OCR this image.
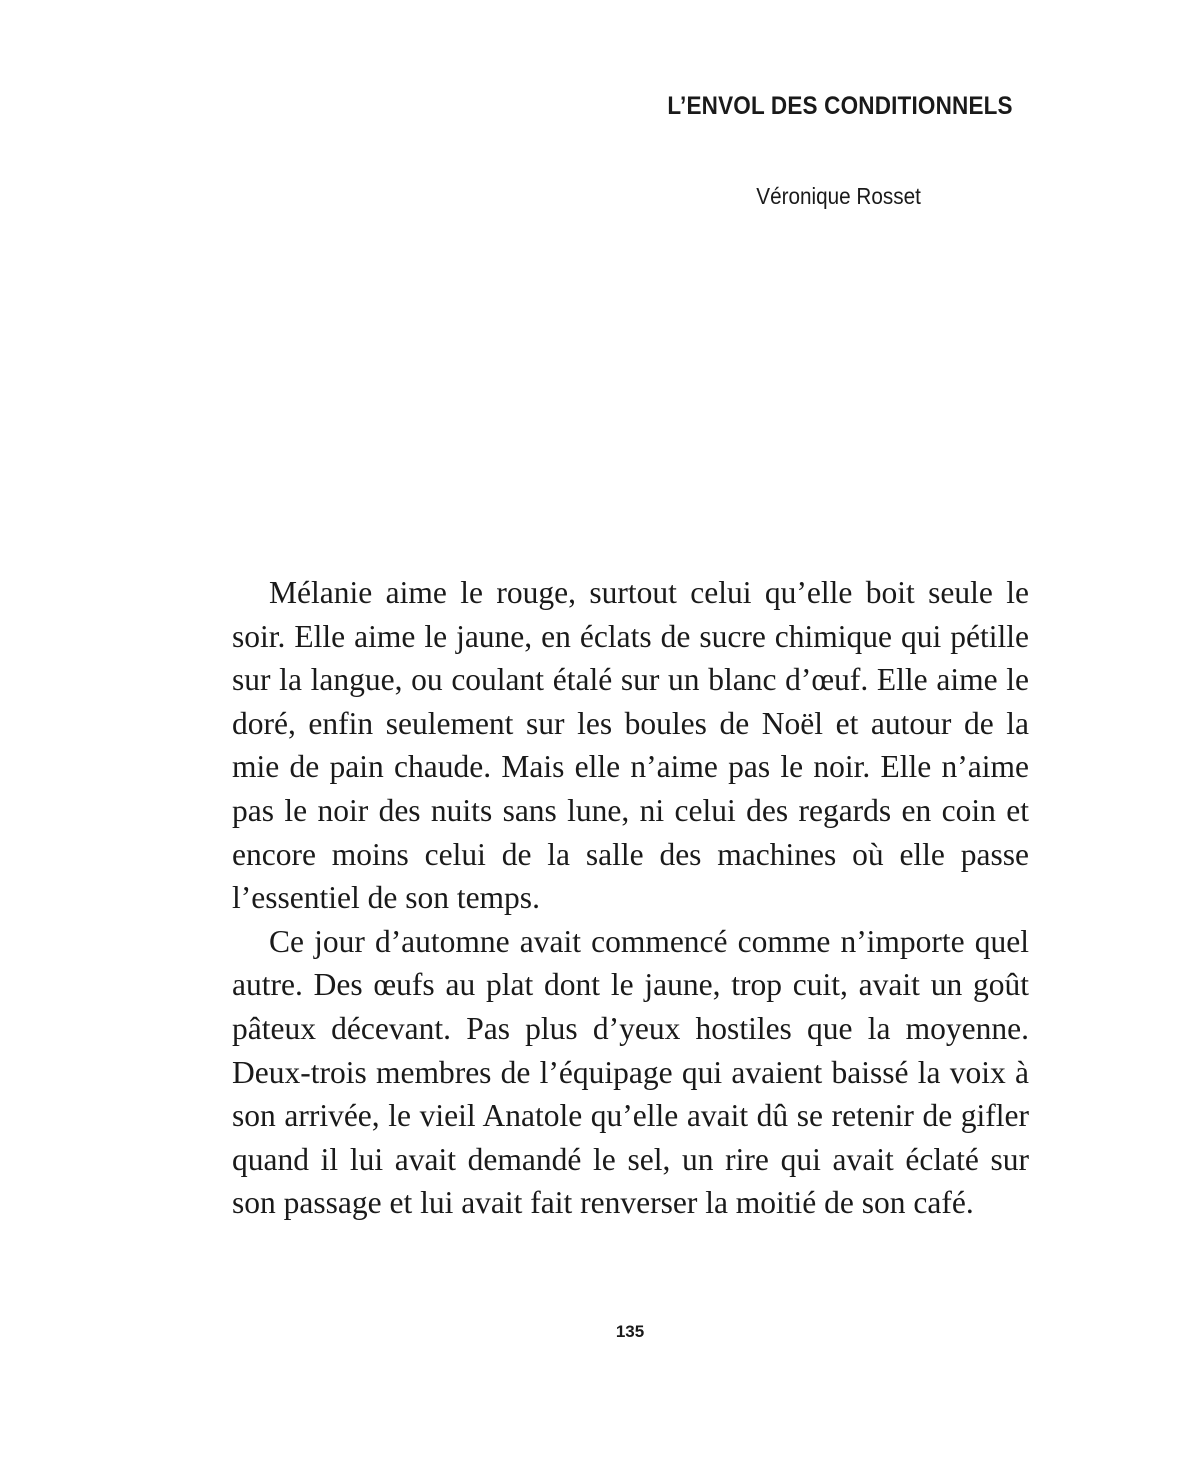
L’ENVOL DES CONDITIONNELS
Véronique Rosset

Mélanie aime le rouge, surtout celui qu’elle boit seule le soir. Elle aime le jaune, en éclats de sucre chimique qui pétille sur la langue, ou coulant étalé sur un blanc d’œuf. Elle aime le doré, enfin seulement sur les boules de Noël et autour de la mie de pain chaude. Mais elle n’aime pas le noir. Elle n’aime pas le noir des nuits sans lune, ni celui des regards en coin et encore moins celui de la salle des machines où elle passe l’essentiel de son temps.

Ce jour d’automne avait commencé comme n’importe quel autre. Des œufs au plat dont le jaune, trop cuit, avait un goût pâteux décevant. Pas plus d’yeux hostiles que la moyenne. Deux-trois membres de l’équipage qui avaient baissé la voix à son arrivée, le vieil Anatole qu’elle avait dû se retenir de gifler quand il lui avait demandé le sel, un rire qui avait éclaté sur son passage et lui avait fait renverser la moitié de son café.

135
